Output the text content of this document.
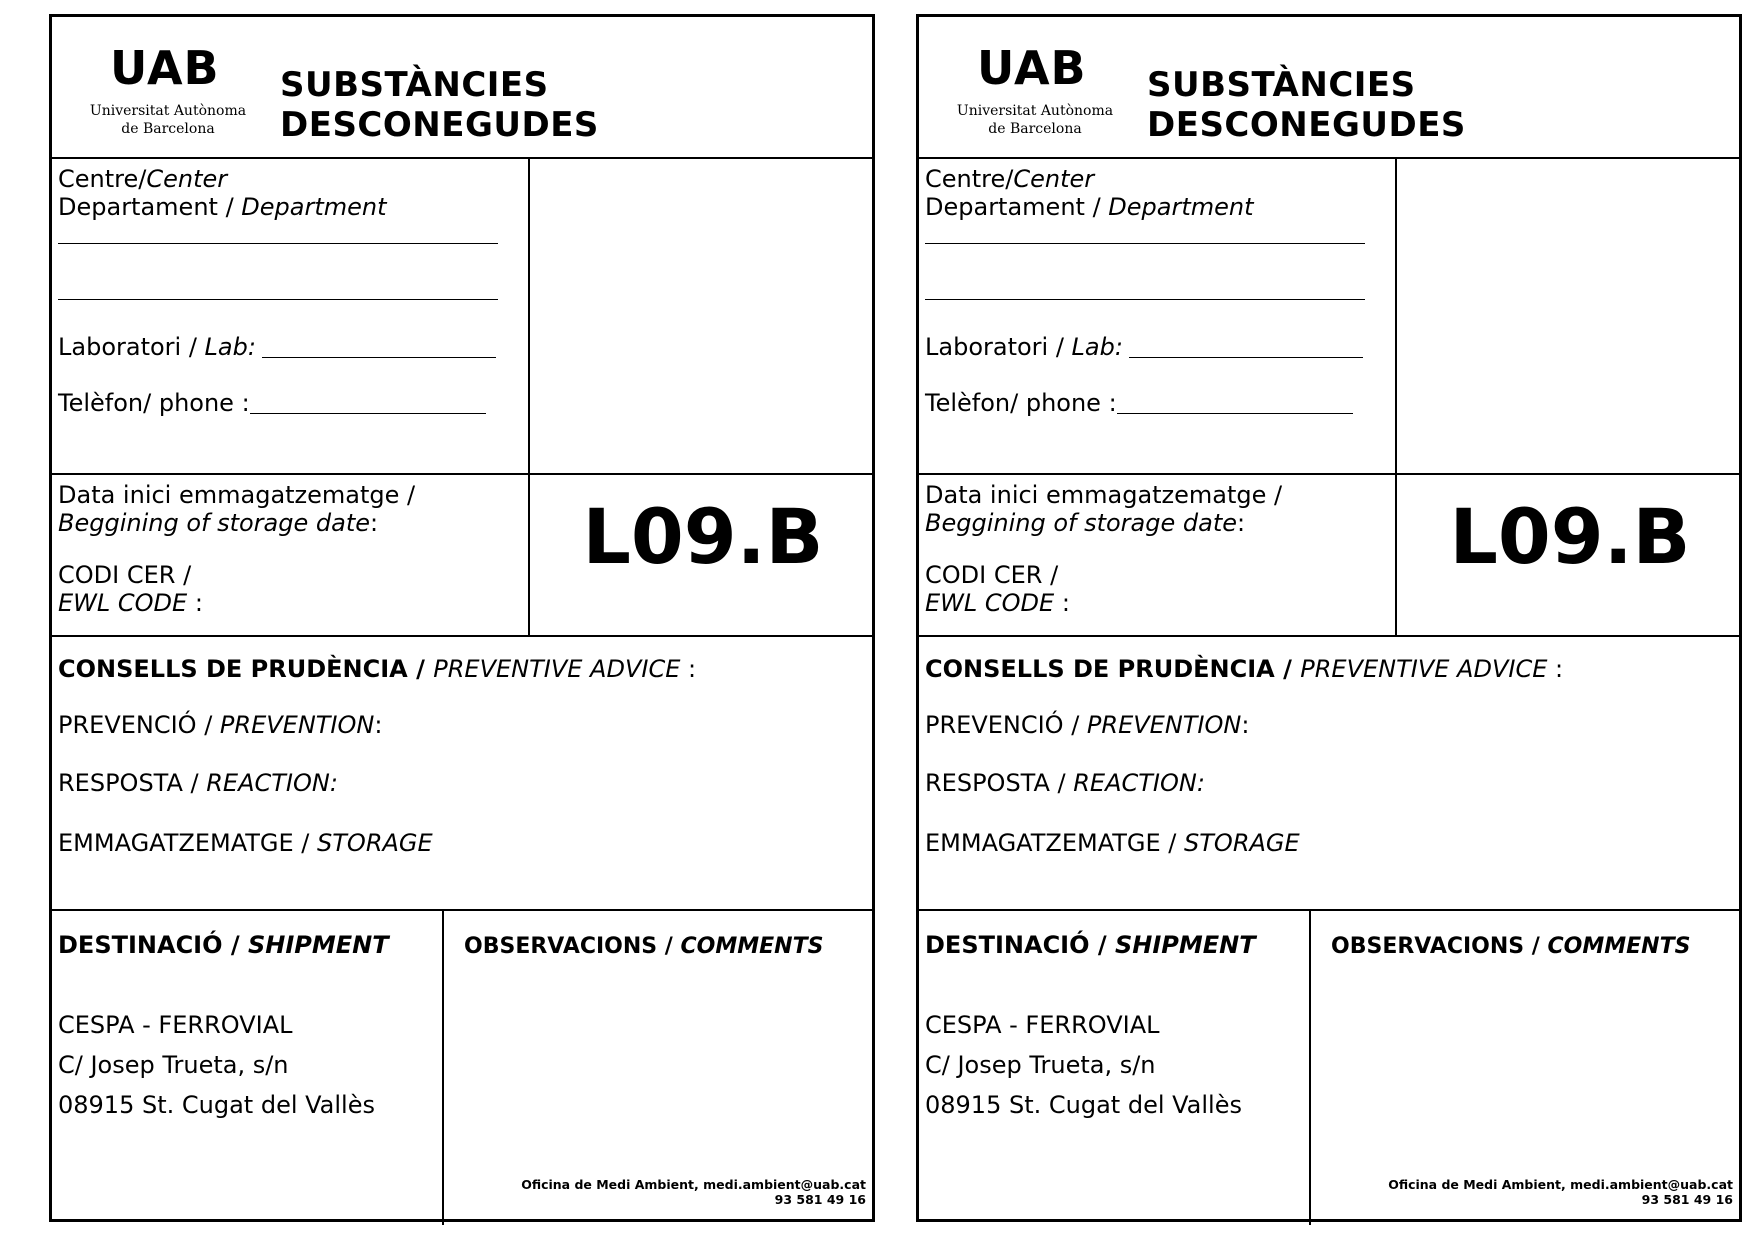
UAB
Universitat Autònoma
de Barcelona
SUBSTÀNCIES DESCONEGUDES
Centre/Center
Departament / Department
Laboratori / Lab:
Telèfon/ phone :
Data inici emmagatzematge /
Beggining of storage date:
CODI CER /
EWL CODE :
L09.B
CONSELLS DE PRUDÈNCIA / PREVENTIVE ADVICE :
PREVENCIÓ / PREVENTION:
RESPOSTA / REACTION:
EMMAGATZEMATGE / STORAGE
DESTINACIÓ / SHIPMENT	OBSERVACIONS / COMMENTS
CESPA - FERROVIAL
C/ Josep Trueta, s/n
08915 St. Cugat del Vallès
Oficina de Medi Ambient, medi.ambient@uab.cat
93 581 49 16
UAB
Universitat Autònoma
de Barcelona
SUBSTÀNCIES DESCONEGUDES
Centre/Center
Departament / Department
Laboratori / Lab:
Telèfon/ phone :
Data inici emmagatzematge /
Beggining of storage date:
CODI CER /
EWL CODE :
L09.B
CONSELLS DE PRUDÈNCIA / PREVENTIVE ADVICE :
PREVENCIÓ / PREVENTION:
RESPOSTA / REACTION:
EMMAGATZEMATGE / STORAGE
DESTINACIÓ / SHIPMENT	OBSERVACIONS / COMMENTS
CESPA - FERROVIAL
C/ Josep Trueta, s/n
08915 St. Cugat del Vallès
Oficina de Medi Ambient, medi.ambient@uab.cat
93 581 49 16
